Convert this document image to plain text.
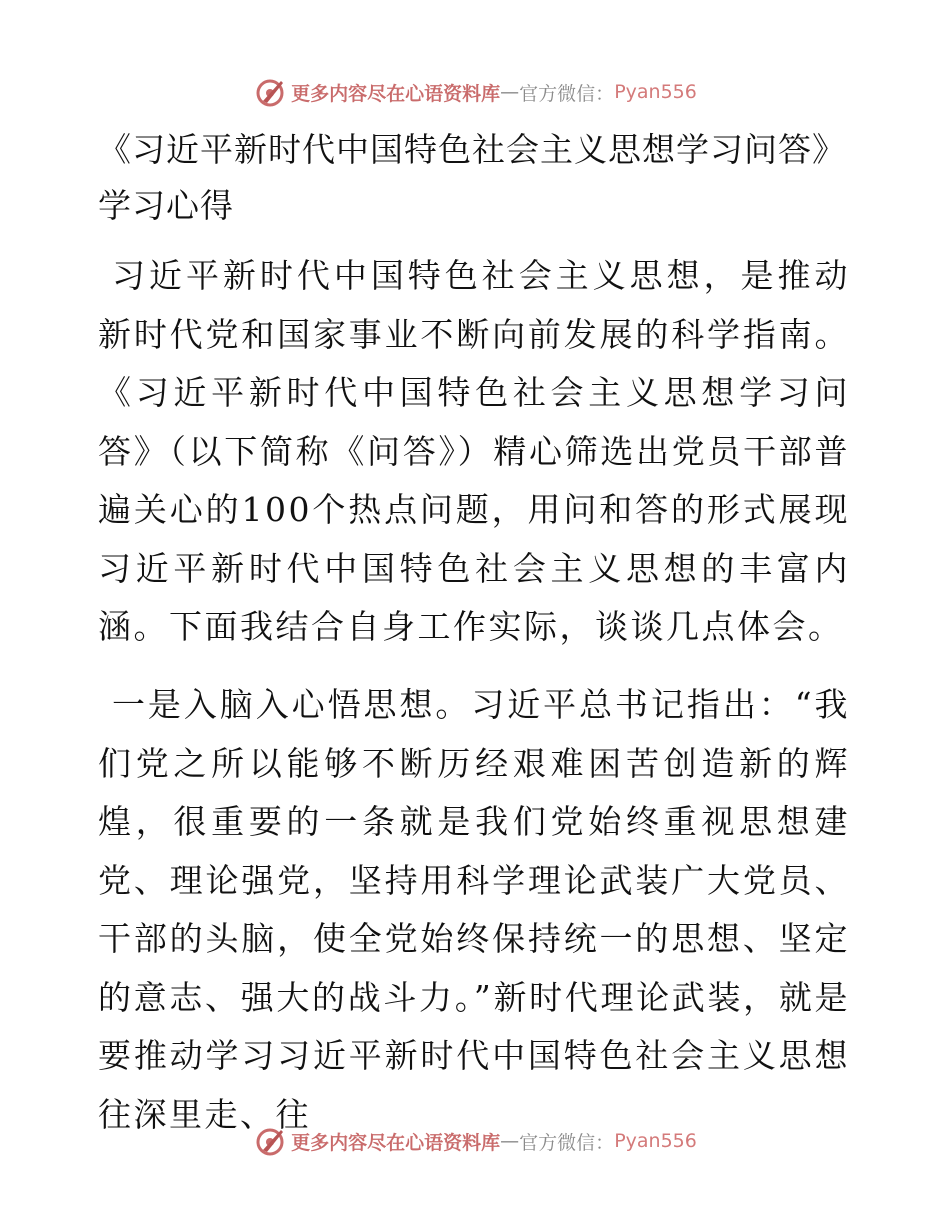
更多内容尽在心语资料库 — 官方微信： Pyan556
《习近平新时代中国特色社会主义思想学习问答》学习心得

习近平新时代中国特色社会主义思想，是推动新时代党和国家事业不断向前发展的科学指南。《习近平新时代中国特色社会主义思想学习问答》（以下简称《问答》）精心筛选出党员干部普遍关心的100个热点问题，用问和答的形式展现习近平新时代中国特色社会主义思想的丰富内涵。下面我结合自身工作实际，谈谈几点体会。

一是入脑入心悟思想。习近平总书记指出：“我们党之所以能够不断历经艰难困苦创造新的辉煌，很重要的一条就是我们党始终重视思想建党、理论强党，坚持用科学理论武装广大党员、干部的头脑，使全党始终保持统一的思想、坚定的意志、强大的战斗力。”新时代理论武装，就是要推动学习习近平新时代中国特色社会主义思想往深里走、往

更多内容尽在心语资料库 — 官方微信： Pyan556
